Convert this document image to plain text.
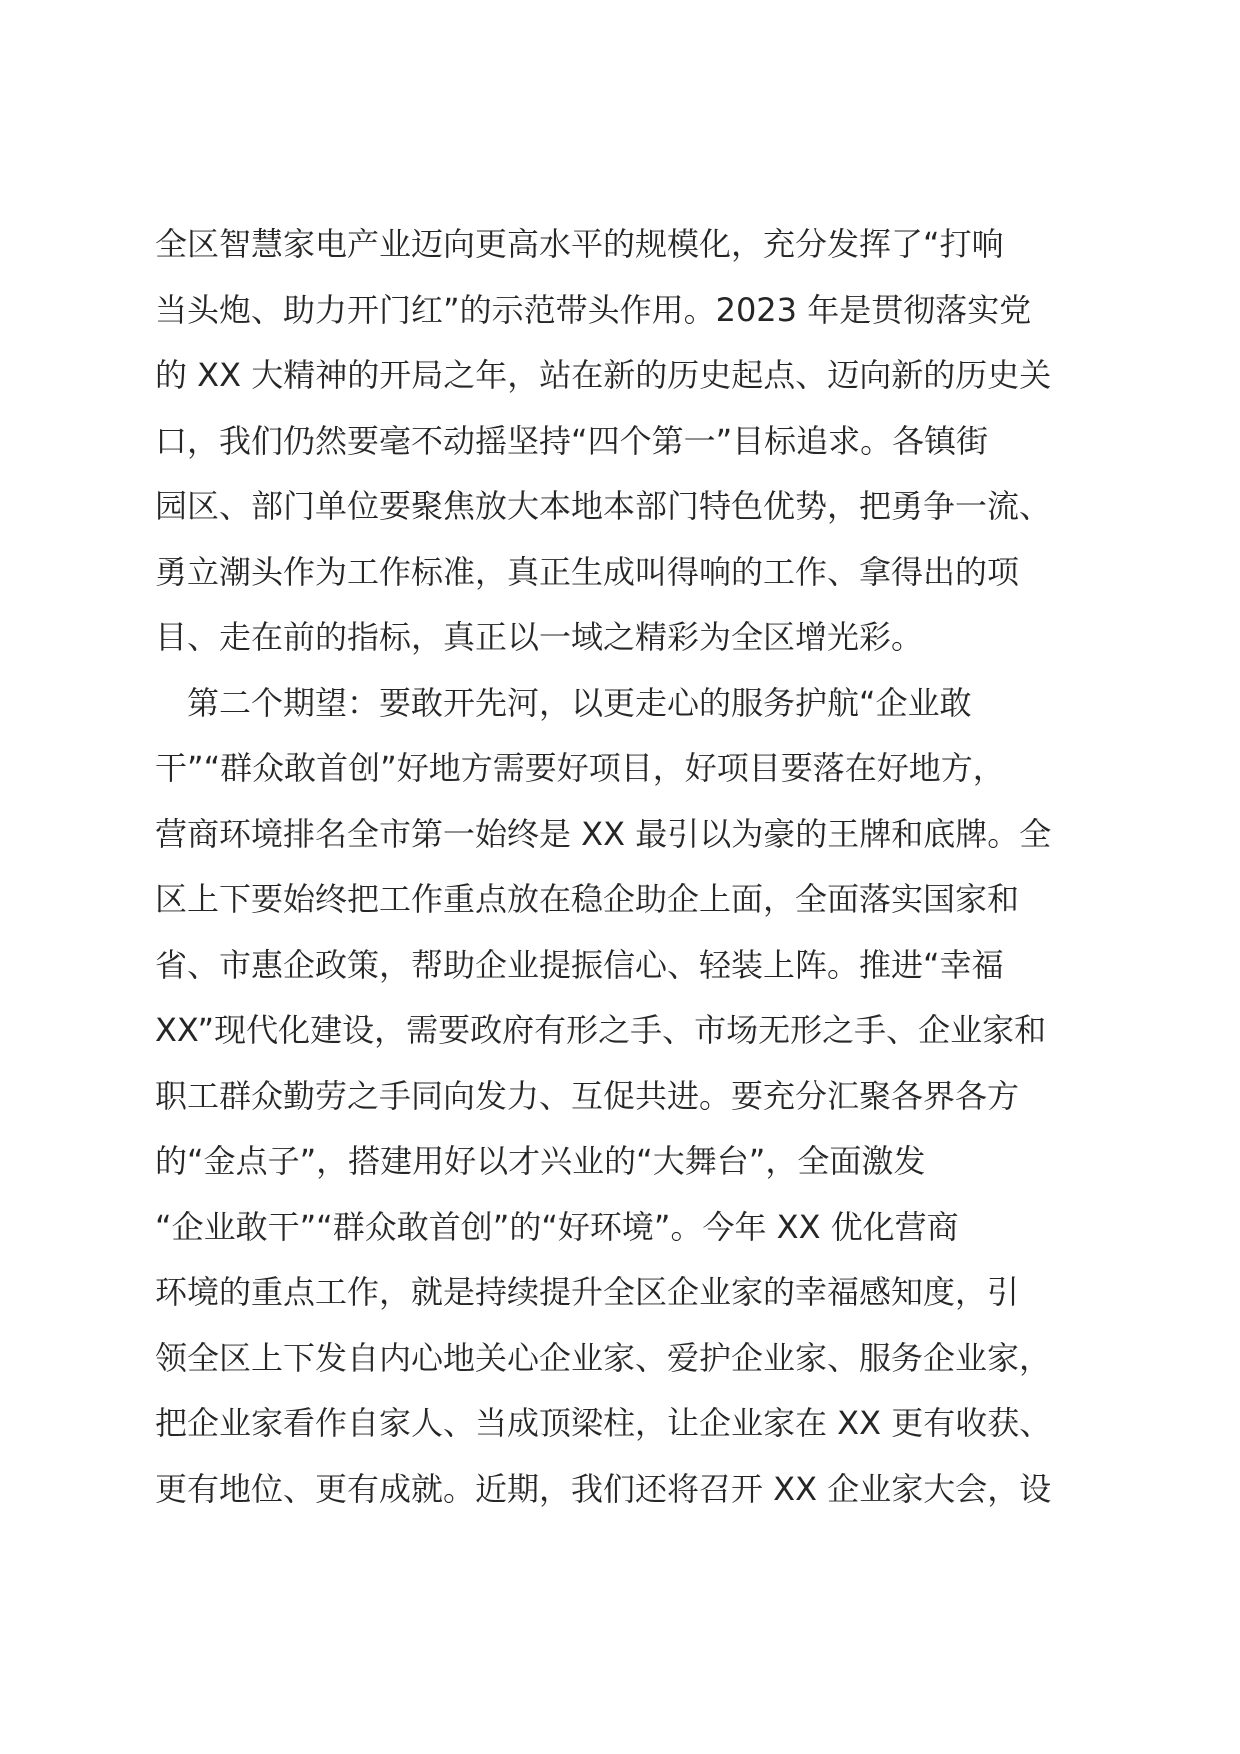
全区智慧家电产业迈向更高水平的规模化，充分发挥了“打响
当头炮、助力开门红”的示范带头作用。2023 年是贯彻落实党
的 XX 大精神的开局之年，站在新的历史起点、迈向新的历史关
口，我们仍然要毫不动摇坚持“四个第一”目标追求。各镇街
园区、部门单位要聚焦放大本地本部门特色优势，把勇争一流、
勇立潮头作为工作标准，真正生成叫得响的工作、拿得出的项
目、走在前的指标，真正以一域之精彩为全区增光彩。
　第二个期望：要敢开先河，以更走心的服务护航“企业敢
干”“群众敢首创”好地方需要好项目，好项目要落在好地方，
营商环境排名全市第一始终是 XX 最引以为豪的王牌和底牌。全
区上下要始终把工作重点放在稳企助企上面，全面落实国家和
省、市惠企政策，帮助企业提振信心、轻装上阵。推进“幸福
XX”现代化建设，需要政府有形之手、市场无形之手、企业家和
职工群众勤劳之手同向发力、互促共进。要充分汇聚各界各方
的“金点子”，搭建用好以才兴业的“大舞台”，全面激发
“企业敢干”“群众敢首创”的“好环境”。今年 XX 优化营商
环境的重点工作，就是持续提升全区企业家的幸福感知度，引
领全区上下发自内心地关心企业家、爱护企业家、服务企业家，
把企业家看作自家人、当成顶梁柱，让企业家在 XX 更有收获、
更有地位、更有成就。近期，我们还将召开 XX 企业家大会，设
